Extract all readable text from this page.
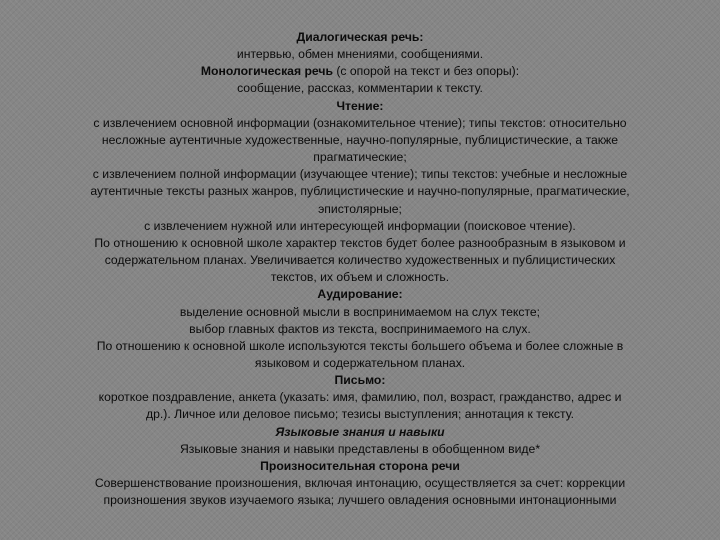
Диалогическая речь:
интервью, обмен мнениями, сообщениями.
Монологическая речь (с опорой на текст и без опоры):
сообщение, рассказ, комментарии к тексту.
Чтение:
с извлечением основной информации (ознакомительное чтение); типы текстов: относительно
несложные аутентичные художественные, научно-популярные, публицистические, а также
прагматические;
с извлечением полной информации (изучающее чтение); типы текстов: учебные и несложные
аутентичные тексты разных жанров, публицистические и научно-популярные, прагматические,
эпистолярные;
с извлечением нужной или интересующей информации (поисковое чтение).
По отношению к основной школе характер текстов будет более разнообразным в языковом и
содержательном планах. Увеличивается количество художественных и публицистических
текстов, их объем и сложность.
Аудирование:
выделение основной мысли в воспринимаемом на слух тексте;
выбор главных фактов из текста, воспринимаемого на слух.
По отношению к основной школе используются тексты большего объема и более сложные в
языковом и содержательном планах.
Письмо:
короткое поздравление, анкета (указать: имя, фамилию, пол, возраст, гражданство, адрес и
др.). Личное или деловое письмо; тезисы выступления; аннотация к тексту.
Языковые знания и навыки
Языковые знания и навыки представлены в обобщенном виде*
Произносительная сторона речи
Совершенствование произношения, включая интонацию, осуществляется за счет: коррекции
произношения звуков изучаемого языка; лучшего овладения основными интонационными
